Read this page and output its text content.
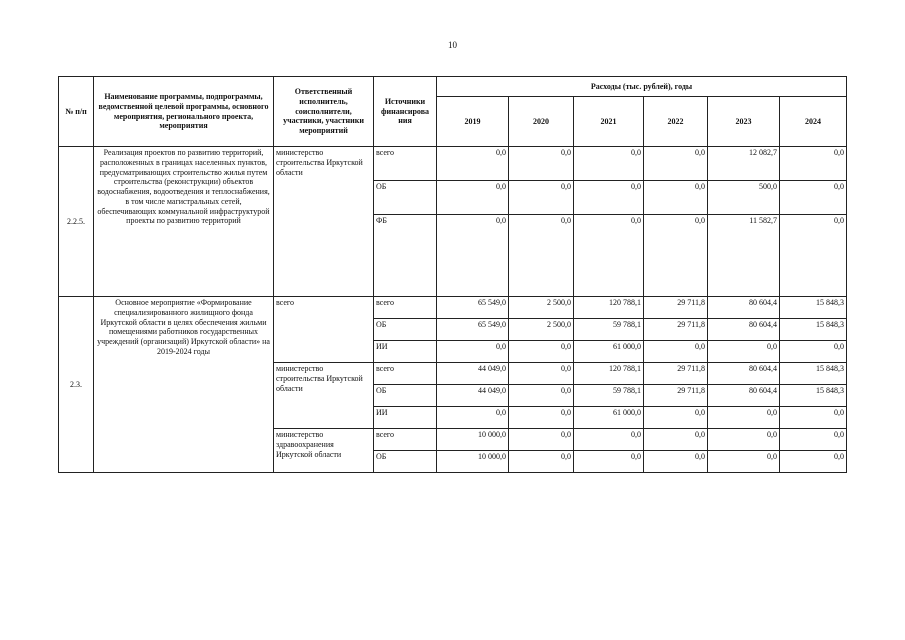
10
№ п/п	Наименование программы, подпрограммы, ведомственной целевой программы, основного мероприятия, регионального проекта, мероприятия	Ответственный исполнитель, соисполнители, участники, участники мероприятий	Источники финансирова ния	Расходы (тыс. рублей), годы					
				2019	2020	2021	2022	2023	2024
2.2.5.	Реализация проектов по развитию территорий, расположенных в границах населенных пунктов, предусматривающих строительство жилья путем строительства (реконструкции) объектов водоснабжения, водоотведения и теплоснабжения, в том числе магистральных сетей, обеспечивающих коммунальной инфраструктурой проекты по развитию территорий	министерство строительства Иркутской области	всего	0,0	0,0	0,0	0,0	12 082,7	0,0
			ОБ	0,0	0,0	0,0	0,0	500,0	0,0
			ФБ	0,0	0,0	0,0	0,0	11 582,7	0,0
2.3.	Основное мероприятие «Формирование специализированного жилищного фонда Иркутской области в целях обеспечения жильми помещениями работников государственных учреждений (организаций) Иркутской области» на 2019-2024 годы	всего	всего	65 549,0	2 500,0	120 788,1	29 711,8	80 604,4	15 848,3
			ОБ	65 549,0	2 500,0	59 788,1	29 711,8	80 604,4	15 848,3
			ИИ	0,0	0,0	61 000,0	0,0	0,0	0,0
		министерство строительства Иркутской области	всего	44 049,0	0,0	120 788,1	29 711,8	80 604,4	15 848,3
			ОБ	44 049,0	0,0	59 788,1	29 711,8	80 604,4	15 848,3
			ИИ	0,0	0,0	61 000,0	0,0	0,0	0,0
		министерство здравоохранения Иркутской области	всего	10 000,0	0,0	0,0	0,0	0,0	0,0
			ОБ	10 000,0	0,0	0,0	0,0	0,0	0,0
